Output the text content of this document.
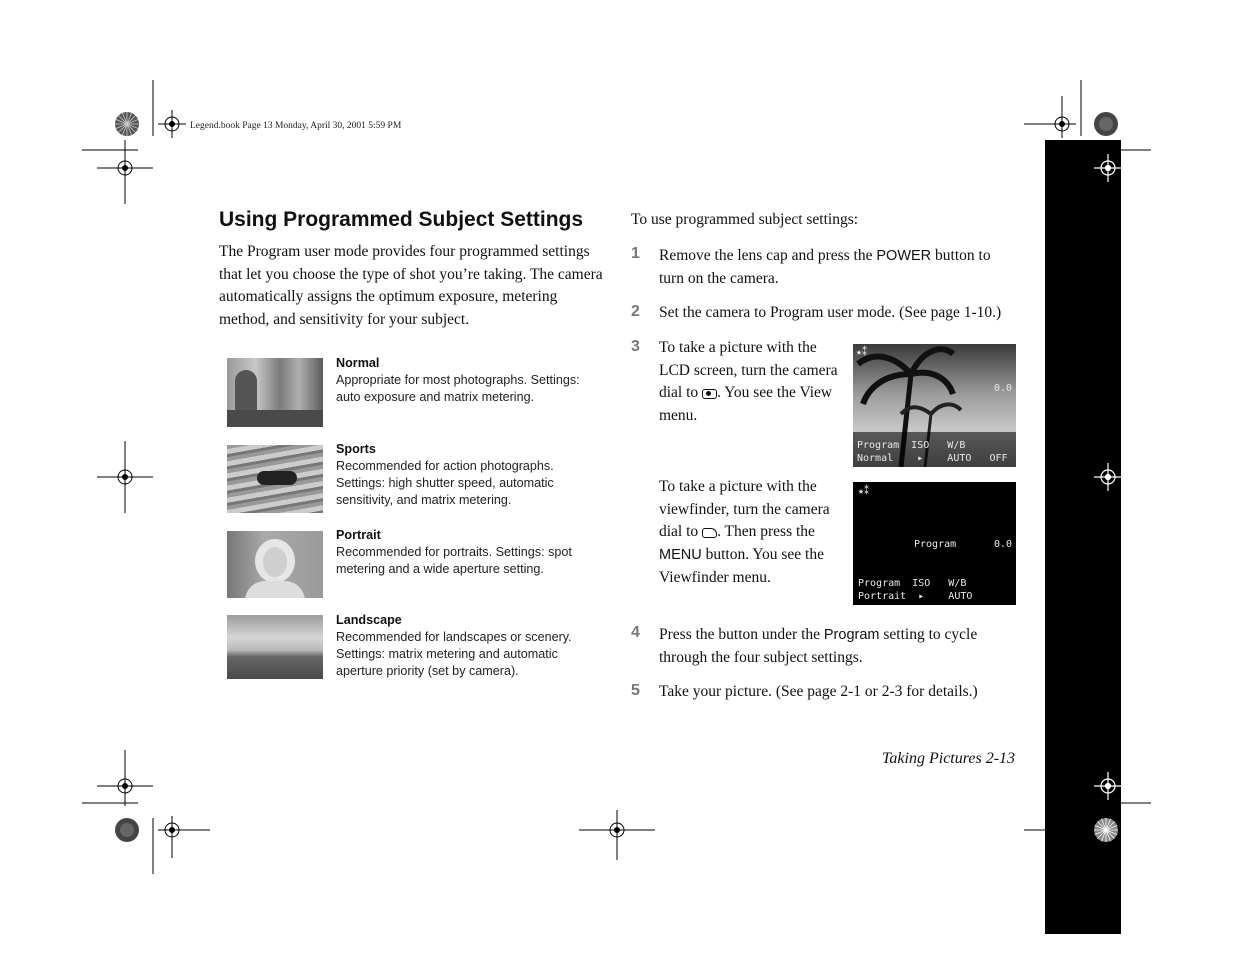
Legend.book Page 13 Monday, April 30, 2001 5:59 PM
Using Programmed Subject Settings
The Program user mode provides four programmed settings that let you choose the type of shot you’re taking. The camera automatically assigns the optimum exposure, metering method, and sensitivity for your subject.
Normal
Appropriate for most photographs. Settings: auto exposure and matrix metering.
Sports
Recommended for action photographs. Settings: high shutter speed, automatic sensitivity, and matrix metering.
Portrait
Recommended for portraits. Settings: spot metering and a wide aperture setting.
Landscape
Recommended for landscapes or scenery. Settings: matrix metering and automatic aperture priority (set by camera).
To use programmed subject settings:
1 Remove the lens cap and press the POWER button to turn on the camera.
2 Set the camera to Program user mode. (See page 1-10.)
3 To take a picture with the LCD screen, turn the camera dial to
. You see the View menu.
★⁑
0.0
Program  ISO   W/B
Normal    ▸    AUTO   OFF
To take a picture with the viewfinder, turn the camera dial to . Then press the MENU button. You see the Viewfinder menu.
★⁑
Program	0.0
Program  ISO   W/B
Portrait  ▸    AUTO
4 Press the button under the Program setting to cycle through the four subject settings.
5 Take your picture. (See page 2-1 or 2-3 for details.)
Taking Pictures 2-13
